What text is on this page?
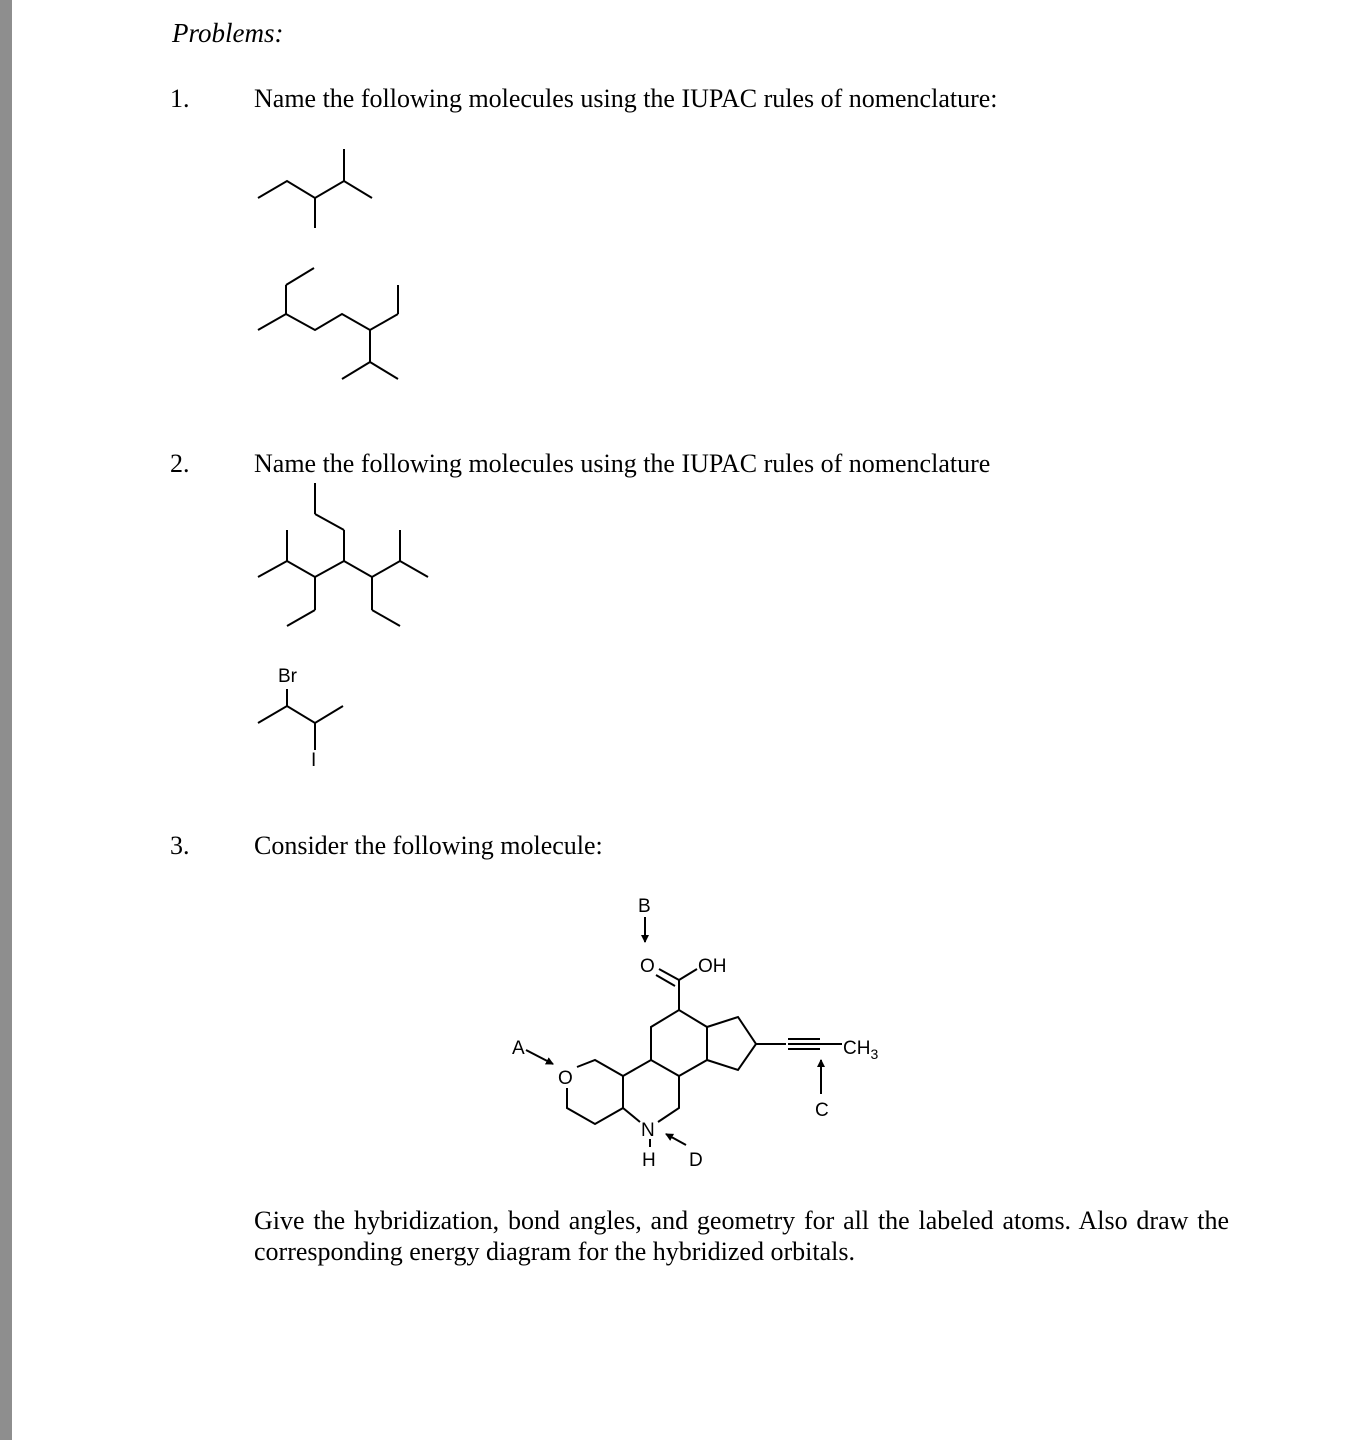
Problems:
1. Name the following molecules using the IUPAC rules of nomenclature:
2. Name the following molecules using the IUPAC rules of nomenclature
3. Consider the following molecule:
Br
I
O
O OH
N
H
$CH_3$
A
B
C
D
Give the hybridization, bond angles, and geometry for all the labeled atoms. Also draw the corresponding energy diagram for the hybridized orbitals.
